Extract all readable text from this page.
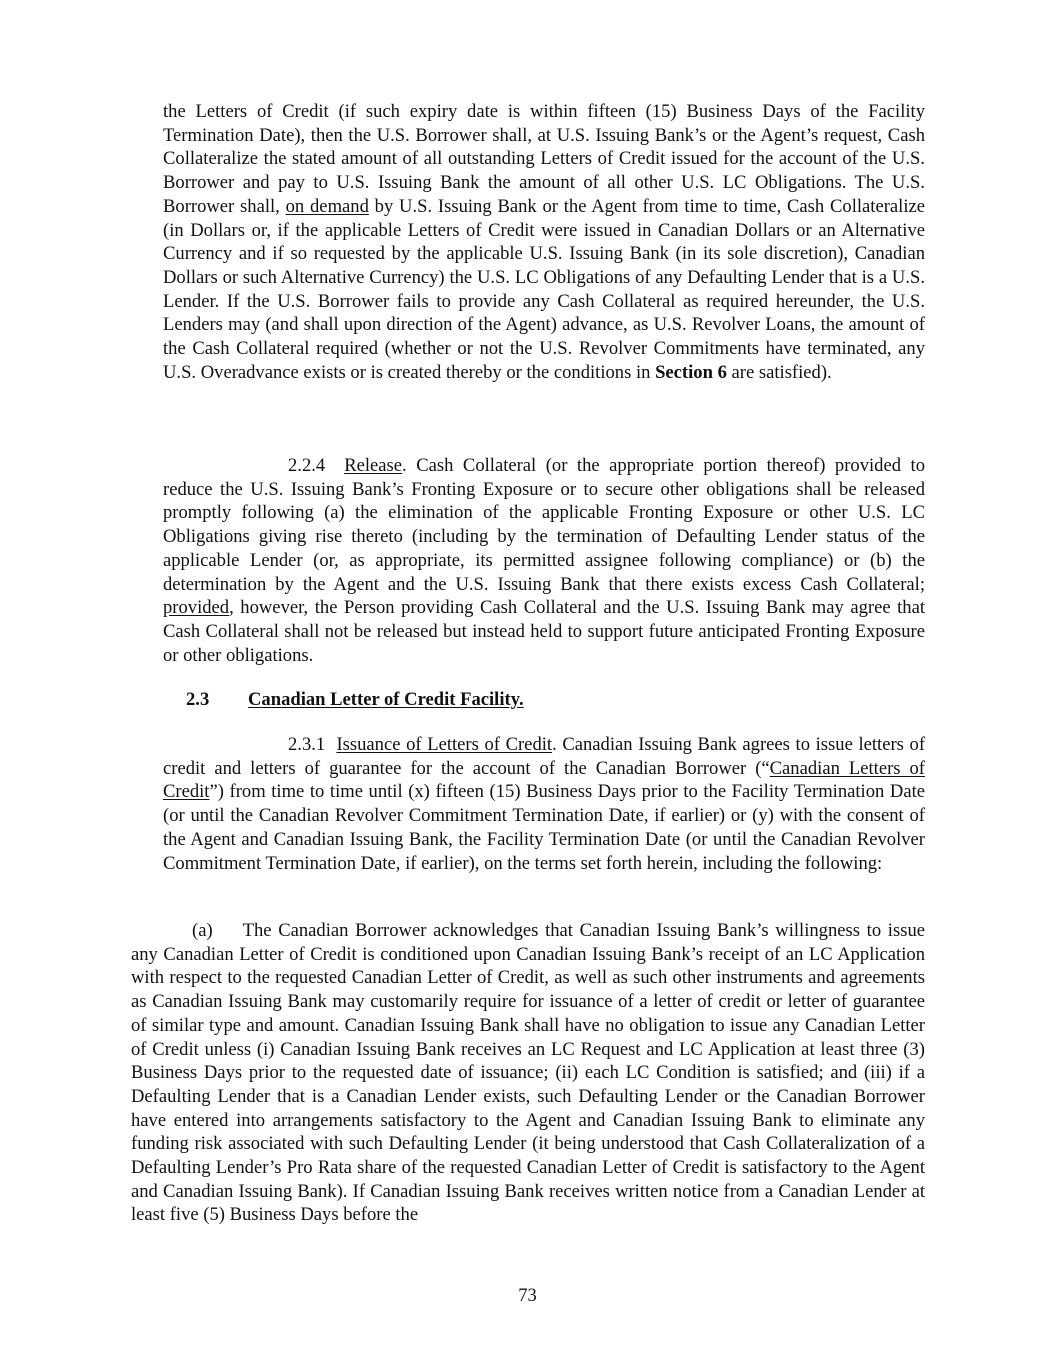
the Letters of Credit (if such expiry date is within fifteen (15) Business Days of the Facility Termination Date), then the U.S. Borrower shall, at U.S. Issuing Bank’s or the Agent’s request, Cash Collateralize the stated amount of all outstanding Letters of Credit issued for the account of the U.S. Borrower and pay to U.S. Issuing Bank the amount of all other U.S. LC Obligations. The U.S. Borrower shall, on demand by U.S. Issuing Bank or the Agent from time to time, Cash Collateralize (in Dollars or, if the applicable Letters of Credit were issued in Canadian Dollars or an Alternative Currency and if so requested by the applicable U.S. Issuing Bank (in its sole discretion), Canadian Dollars or such Alternative Currency) the U.S. LC Obligations of any Defaulting Lender that is a U.S. Lender. If the U.S. Borrower fails to provide any Cash Collateral as required hereunder, the U.S. Lenders may (and shall upon direction of the Agent) advance, as U.S. Revolver Loans, the amount of the Cash Collateral required (whether or not the U.S. Revolver Commitments have terminated, any U.S. Overadvance exists or is created thereby or the conditions in Section 6 are satisfied).

2.2.4 Release. Cash Collateral (or the appropriate portion thereof) provided to reduce the U.S. Issuing Bank’s Fronting Exposure or to secure other obligations shall be released promptly following (a) the elimination of the applicable Fronting Exposure or other U.S. LC Obligations giving rise thereto (including by the termination of Defaulting Lender status of the applicable Lender (or, as appropriate, its permitted assignee following compliance) or (b) the determination by the Agent and the U.S. Issuing Bank that there exists excess Cash Collateral; provided, however, the Person providing Cash Collateral and the U.S. Issuing Bank may agree that Cash Collateral shall not be released but instead held to support future anticipated Fronting Exposure or other obligations.

2.3 Canadian Letter of Credit Facility.

2.3.1 Issuance of Letters of Credit. Canadian Issuing Bank agrees to issue letters of credit and letters of guarantee for the account of the Canadian Borrower (“Canadian Letters of Credit”) from time to time until (x) fifteen (15) Business Days prior to the Facility Termination Date (or until the Canadian Revolver Commitment Termination Date, if earlier) or (y) with the consent of the Agent and Canadian Issuing Bank, the Facility Termination Date (or until the Canadian Revolver Commitment Termination Date, if earlier), on the terms set forth herein, including the following:

(a) The Canadian Borrower acknowledges that Canadian Issuing Bank’s willingness to issue any Canadian Letter of Credit is conditioned upon Canadian Issuing Bank’s receipt of an LC Application with respect to the requested Canadian Letter of Credit, as well as such other instruments and agreements as Canadian Issuing Bank may customarily require for issuance of a letter of credit or letter of guarantee of similar type and amount. Canadian Issuing Bank shall have no obligation to issue any Canadian Letter of Credit unless (i) Canadian Issuing Bank receives an LC Request and LC Application at least three (3) Business Days prior to the requested date of issuance; (ii) each LC Condition is satisfied; and (iii) if a Defaulting Lender that is a Canadian Lender exists, such Defaulting Lender or the Canadian Borrower have entered into arrangements satisfactory to the Agent and Canadian Issuing Bank to eliminate any funding risk associated with such Defaulting Lender (it being understood that Cash Collateralization of a Defaulting Lender’s Pro Rata share of the requested Canadian Letter of Credit is satisfactory to the Agent and Canadian Issuing Bank). If Canadian Issuing Bank receives written notice from a Canadian Lender at least five (5) Business Days before the

73
